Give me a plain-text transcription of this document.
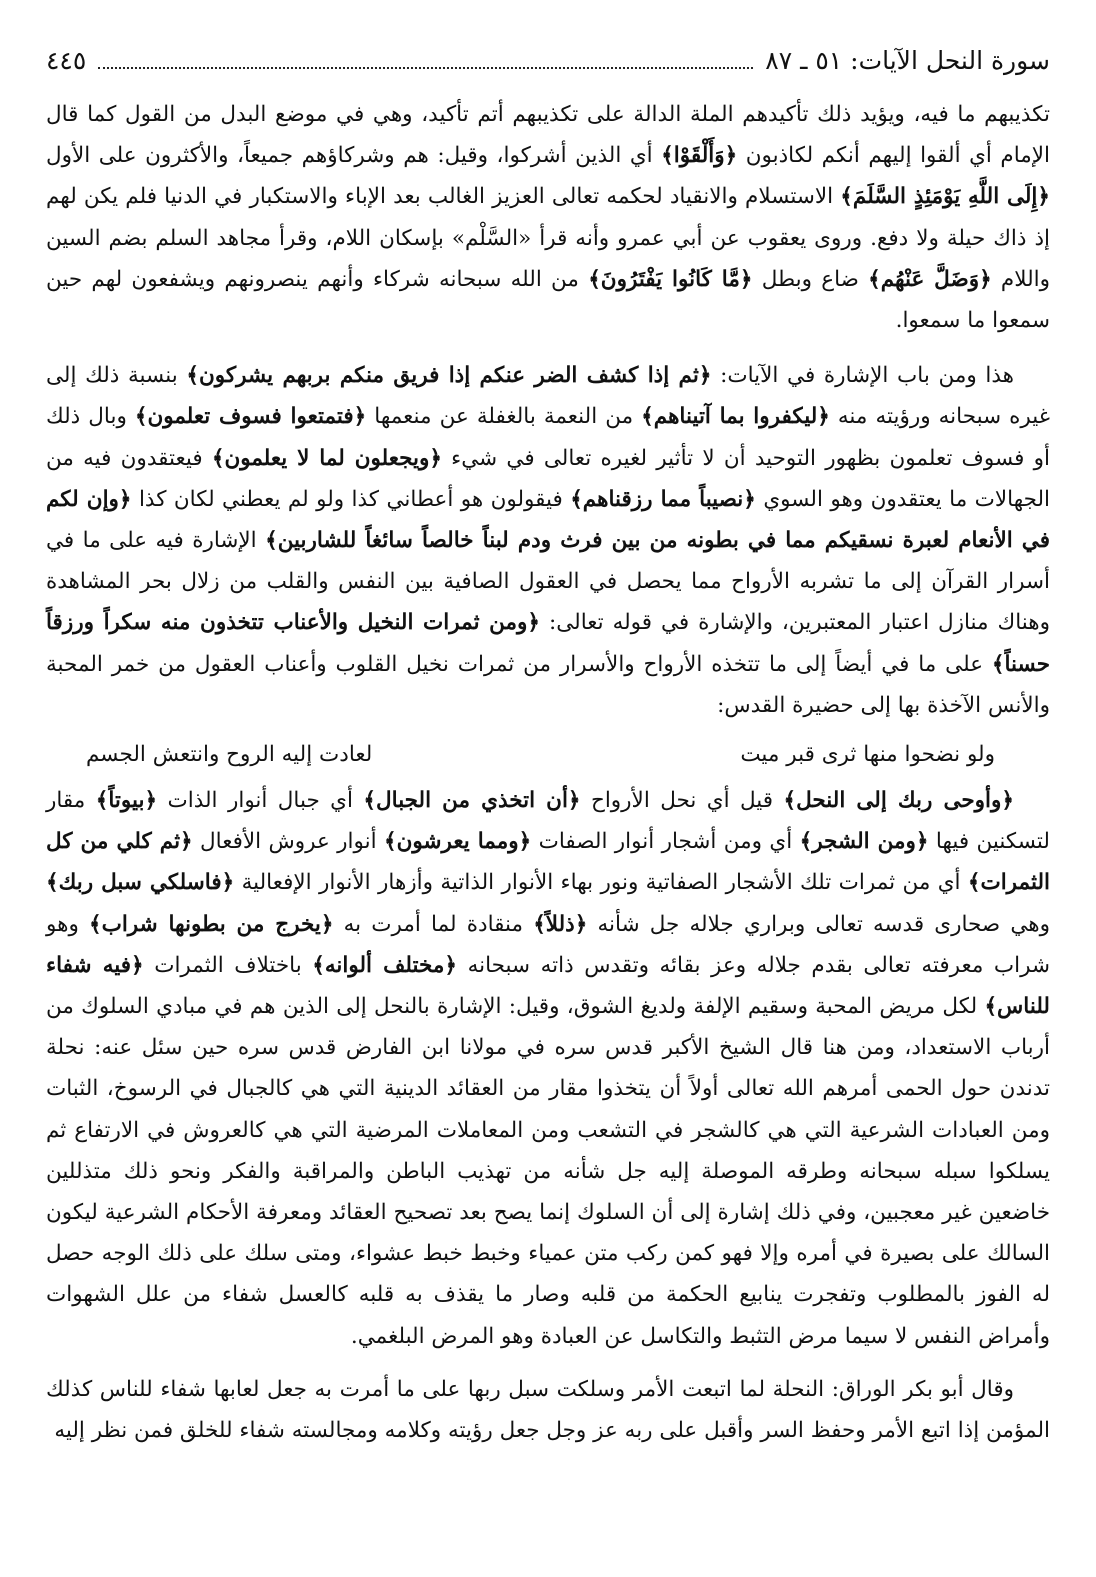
سورة النحل الآيات: ٥١ ـ ٨٧
٤٤٥

تكذيبهم ما فيه، ويؤيد ذلك تأكيدهم الملة الدالة على تكذيبهم أتم تأكيد، وهي في موضع البدل من القول كما قال الإمام أي ألقوا إليهم أنكم لكاذبون ﴿وَأَلْقَوْا﴾ أي الذين أشركوا، وقيل: هم وشركاؤهم جميعاً، والأكثرون على الأول ﴿إِلَى اللَّهِ يَوْمَئِذٍ السَّلَمَ﴾ الاستسلام والانقياد لحكمه تعالى العزيز الغالب بعد الإباء والاستكبار في الدنيا فلم يكن لهم إذ ذاك حيلة ولا دفع. وروى يعقوب عن أبي عمرو وأنه قرأ «السَّلْم» بإسكان اللام، وقرأ مجاهد السلم بضم السين واللام ﴿وَضَلَّ عَنْهُم﴾ ضاع وبطل ﴿مَّا كَانُوا يَفْتَرُونَ﴾ من الله سبحانه شركاء وأنهم ينصرونهم ويشفعون لهم حين سمعوا ما سمعوا.

هذا ومن باب الإشارة في الآيات: ﴿ثم إذا كشف الضر عنكم إذا فريق منكم بربهم يشركون﴾ بنسبة ذلك إلى غيره سبحانه ورؤيته منه ﴿ليكفروا بما آتيناهم﴾ من النعمة بالغفلة عن منعمها ﴿فتمتعوا فسوف تعلمون﴾ وبال ذلك أو فسوف تعلمون بظهور التوحيد أن لا تأثير لغيره تعالى في شيء ﴿ويجعلون لما لا يعلمون﴾ فيعتقدون فيه من الجهالات ما يعتقدون وهو السوي ﴿نصيباً مما رزقناهم﴾ فيقولون هو أعطاني كذا ولو لم يعطني لكان كذا ﴿وإن لكم في الأنعام لعبرة نسقيكم مما في بطونه من بين فرث ودم لبناً خالصاً سائغاً للشاربين﴾ الإشارة فيه على ما في أسرار القرآن إلى ما تشربه الأرواح مما يحصل في العقول الصافية بين النفس والقلب من زلال بحر المشاهدة وهناك منازل اعتبار المعتبرين، والإشارة في قوله تعالى: ﴿ومن ثمرات النخيل والأعناب تتخذون منه سكراً ورزقاً حسناً﴾ على ما في أيضاً إلى ما تتخذه الأرواح والأسرار من ثمرات نخيل القلوب وأعناب العقول من خمر المحبة والأنس الآخذة بها إلى حضيرة القدس:

ولو نضحوا منها ثرى قبر ميت
لعادت إليه الروح وانتعش الجسم

﴿وأوحى ربك إلى النحل﴾ قيل أي نحل الأرواح ﴿أن اتخذي من الجبال﴾ أي جبال أنوار الذات ﴿بيوتاً﴾ مقار لتسكنين فيها ﴿ومن الشجر﴾ أي ومن أشجار أنوار الصفات ﴿ومما يعرشون﴾ أنوار عروش الأفعال ﴿ثم كلي من كل الثمرات﴾ أي من ثمرات تلك الأشجار الصفاتية ونور بهاء الأنوار الذاتية وأزهار الأنوار الإفعالية ﴿فاسلكي سبل ربك﴾ وهي صحارى قدسه تعالى وبراري جلاله جل شأنه ﴿ذللاً﴾ منقادة لما أمرت به ﴿يخرج من بطونها شراب﴾ وهو شراب معرفته تعالى بقدم جلاله وعز بقائه وتقدس ذاته سبحانه ﴿مختلف ألوانه﴾ باختلاف الثمرات ﴿فيه شفاء للناس﴾ لكل مريض المحبة وسقيم الإلفة ولديغ الشوق، وقيل: الإشارة بالنحل إلى الذين هم في مبادي السلوك من أرباب الاستعداد، ومن هنا قال الشيخ الأكبر قدس سره في مولانا ابن الفارض قدس سره حين سئل عنه: نحلة تدندن حول الحمى أمرهم الله تعالى أولاً أن يتخذوا مقار من العقائد الدينية التي هي كالجبال في الرسوخ، الثبات ومن العبادات الشرعية التي هي كالشجر في التشعب ومن المعاملات المرضية التي هي كالعروش في الارتفاع ثم يسلكوا سبله سبحانه وطرقه الموصلة إليه جل شأنه من تهذيب الباطن والمراقبة والفكر ونحو ذلك متذللين خاضعين غير معجبين، وفي ذلك إشارة إلى أن السلوك إنما يصح بعد تصحيح العقائد ومعرفة الأحكام الشرعية ليكون السالك على بصيرة في أمره وإلا فهو كمن ركب متن عمياء وخبط خبط عشواء، ومتى سلك على ذلك الوجه حصل له الفوز بالمطلوب وتفجرت ينابيع الحكمة من قلبه وصار ما يقذف به قلبه كالعسل شفاء من علل الشهوات وأمراض النفس لا سيما مرض التثبط والتكاسل عن العبادة وهو المرض البلغمي.

وقال أبو بكر الوراق: النحلة لما اتبعت الأمر وسلكت سبل ربها على ما أمرت به جعل لعابها شفاء للناس كذلك المؤمن إذا اتبع الأمر وحفظ السر وأقبل على ربه عز وجل جعل رؤيته وكلامه ومجالسته شفاء للخلق فمن نظر إليه
